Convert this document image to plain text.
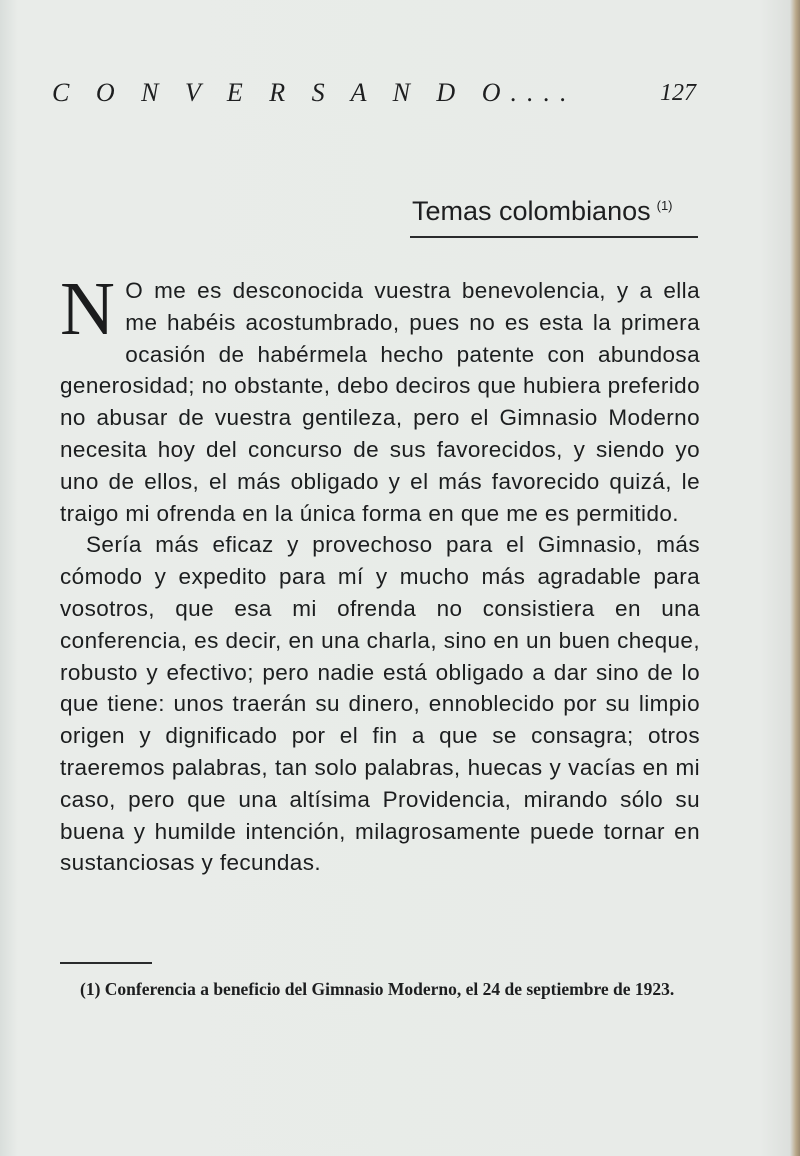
C O N V E R S A N D O....	127
Temas colombianos $^{(1)}$

N O me es desconocida vuestra benevolencia, y a ella me habéis acostumbrado, pues no es esta la primera ocasión de habérmela hecho patente con abundosa generosidad; no obstante, debo deciros que hubiera preferido no abusar de vuestra gentileza, pero el Gimnasio Moderno necesita hoy del concurso de sus favorecidos, y siendo yo uno de ellos, el más obligado y el más favorecido quizá, le traigo mi ofrenda en la única forma en que me es permitido.

Sería más eficaz y provechoso para el Gimnasio, más cómodo y expedito para mí y mucho más agradable para vosotros, que esa mi ofrenda no consistiera en una conferencia, es decir, en una charla, sino en un buen cheque, robusto y efectivo; pero nadie está obligado a dar sino de lo que tiene: unos traerán su dinero, ennoblecido por su limpio origen y dignificado por el fin a que se consagra; otros traeremos palabras, tan solo palabras, huecas y vacías en mi caso, pero que una altísima Providencia, mirando sólo su buena y humilde intención, milagrosamente puede tornar en sustanciosas y fecundas.

(1) Conferencia a beneficio del Gimnasio Moderno, el 24 de septiembre de 1923.
